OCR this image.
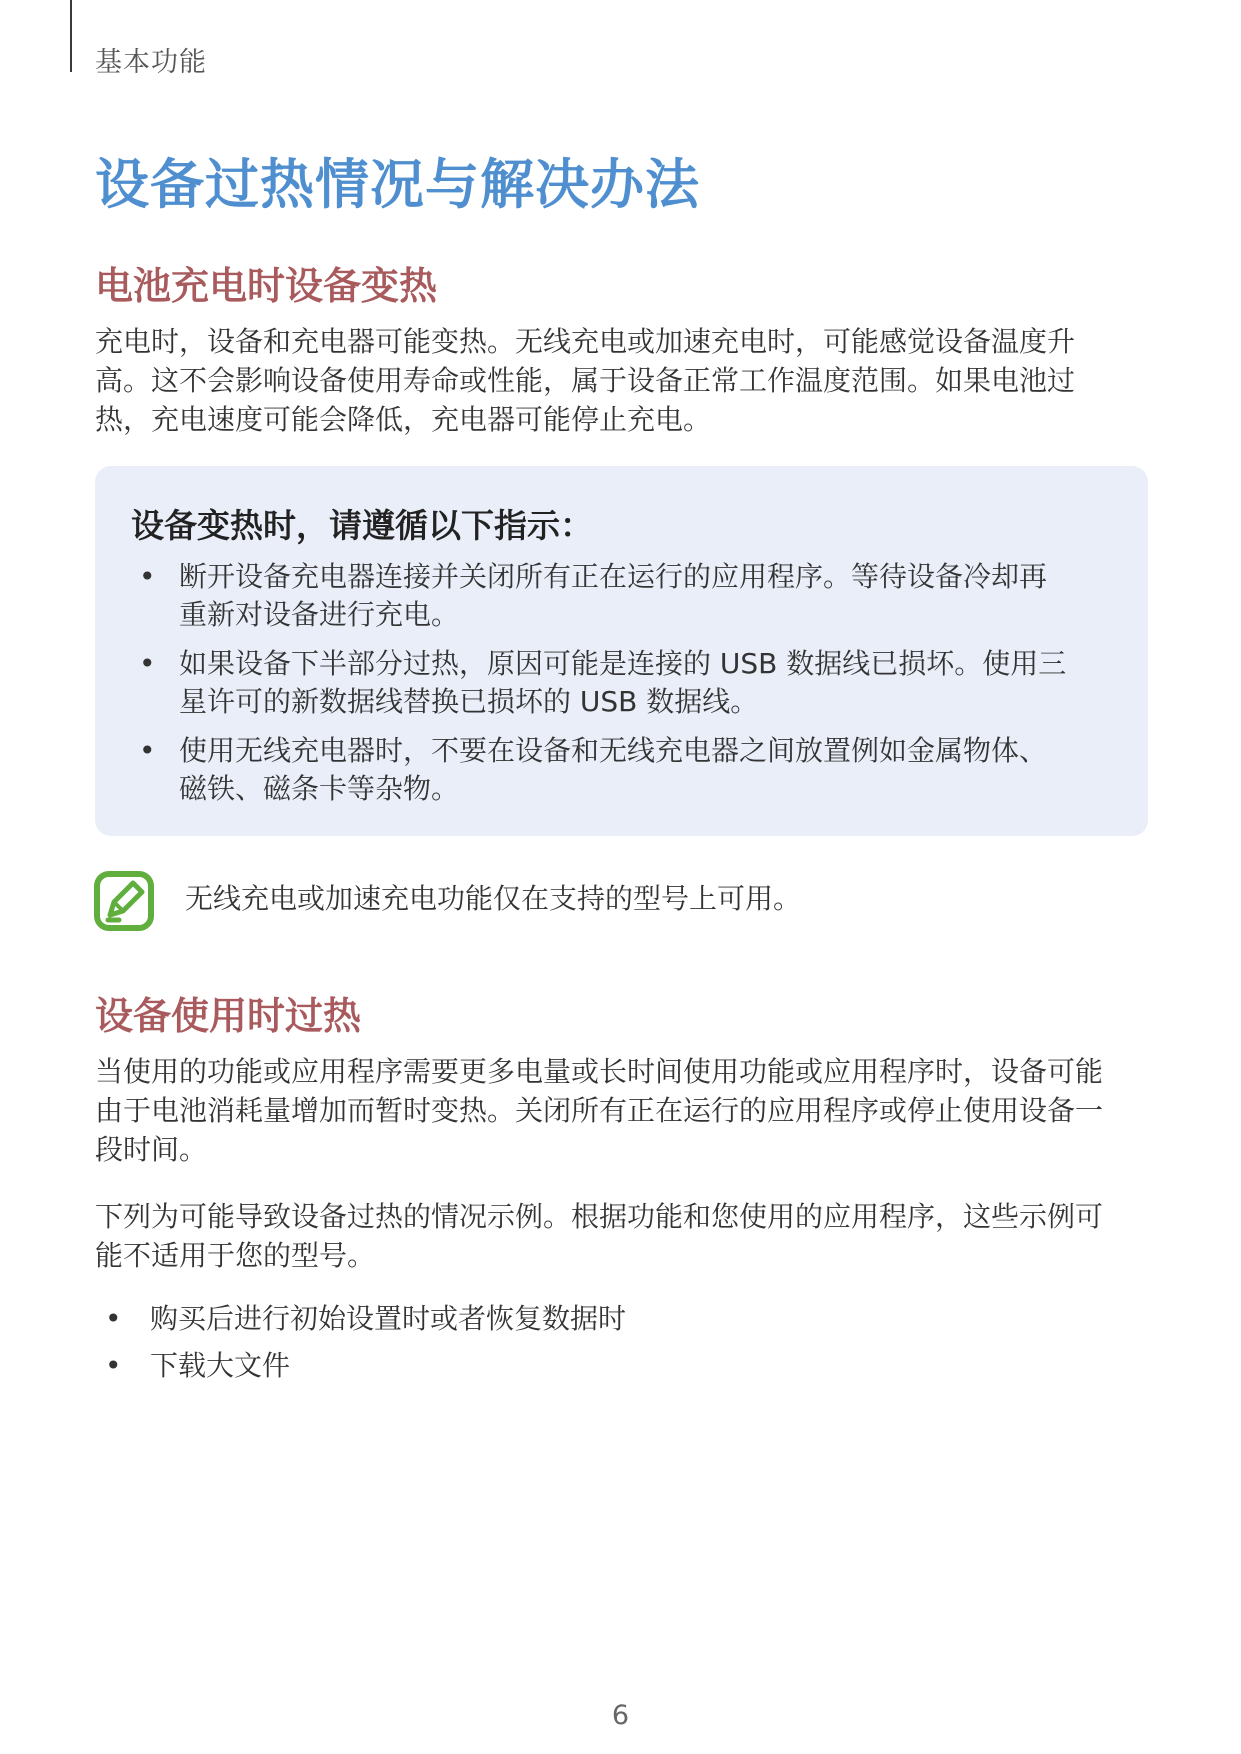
基本功能
设备过热情况与解决办法
电池充电时设备变热

充电时，设备和充电器可能变热。无线充电或加速充电时，可能感觉设备温度升
高。这不会影响设备使用寿命或性能，属于设备正常工作温度范围。如果电池过
热，充电速度可能会降低，充电器可能停止充电。

设备变热时，请遵循以下指示：
• 断开设备充电器连接并关闭所有正在运行的应用程序。等待设备冷却再
重新对设备进行充电。
• 如果设备下半部分过热，原因可能是连接的 USB 数据线已损坏。使用三
星许可的新数据线替换已损坏的 USB 数据线。
• 使用无线充电器时，不要在设备和无线充电器之间放置例如金属物体、
磁铁、磁条卡等杂物。

无线充电或加速充电功能仅在支持的型号上可用。

设备使用时过热

当使用的功能或应用程序需要更多电量或长时间使用功能或应用程序时，设备可能
由于电池消耗量增加而暂时变热。关闭所有正在运行的应用程序或停止使用设备一
段时间。

下列为可能导致设备过热的情况示例。根据功能和您使用的应用程序，这些示例可
能不适用于您的型号。

• 购买后进行初始设置时或者恢复数据时
• 下载大文件
6
